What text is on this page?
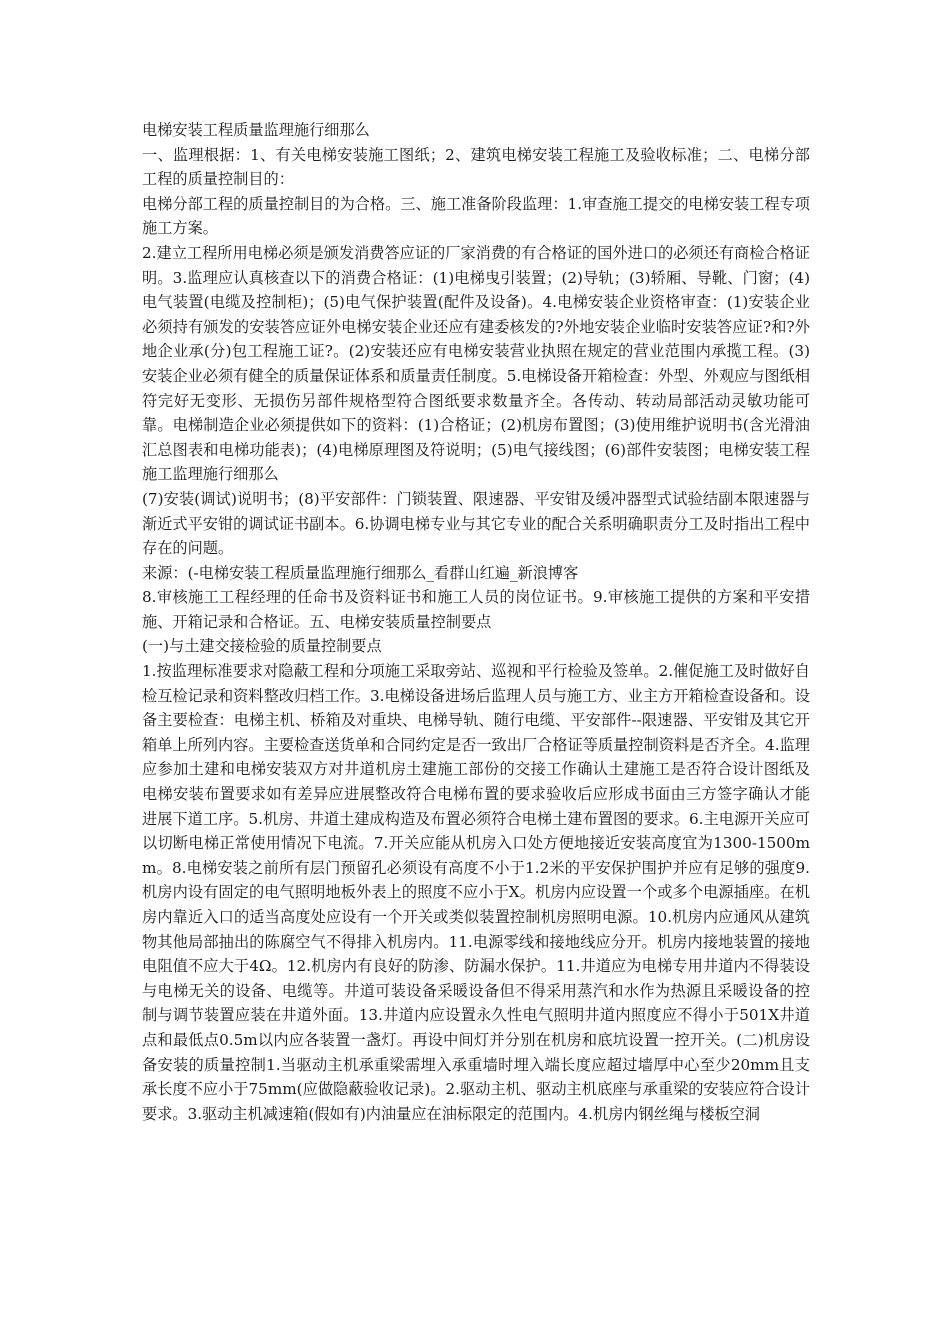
电梯安装工程质量监理施行细那么

一、监理根据：1、有关电梯安装施工图纸；2、建筑电梯安装工程施工及验收标准；二、电梯分部工程的质量控制目的：

电梯分部工程的质量控制目的为合格。三、施工准备阶段监理：1.审查施工提交的电梯安装工程专项施工方案。

2.建立工程所用电梯必须是颁发消费答应证的厂家消费的有合格证的国外进口的必须还有商检合格证明。3.监理应认真核查以下的消费合格证：(1)电梯曳引装置；(2)导轨；(3)轿厢、导靴、门窗；(4)电气装置(电缆及控制柜)；(5)电气保护装置(配件及设备)。4.电梯安装企业资格审查：(1)安装企业必须持有颁发的安装答应证外电梯安装企业还应有建委核发的?外地安装企业临时安装答应证?和?外地企业承(分)包工程施工证?。(2)安装还应有电梯安装营业执照在规定的营业范围内承揽工程。(3)安装企业必须有健全的质量保证体系和质量责任制度。5.电梯设备开箱检查：外型、外观应与图纸相符完好无变形、无损伤另部件规格型符合图纸要求数量齐全。各传动、转动局部活动灵敏功能可靠。电梯制造企业必须提供如下的资料：(1)合格证；(2)机房布置图；(3)使用维护说明书(含光滑油汇总图表和电梯功能表)；(4)电梯原理图及符说明；(5)电气接线图；(6)部件安装图；电梯安装工程施工监理施行细那么

(7)安装(调试)说明书；(8)平安部件：门锁装置、限速器、平安钳及缓冲器型式试验结副本限速器与渐近式平安钳的调试证书副本。6.协调电梯专业与其它专业的配合关系明确职责分工及时指出工程中存在的问题。

来源：(-电梯安装工程质量监理施行细那么_看群山红遍_新浪博客

8.审核施工工程经理的任命书及资料证书和施工人员的岗位证书。9.审核施工提供的方案和平安措施、开箱记录和合格证。五、电梯安装质量控制要点

(一)与土建交接检验的质量控制要点

1.按监理标准要求对隐蔽工程和分项施工采取旁站、巡视和平行检验及签单。2.催促施工及时做好自检互检记录和资料整改归档工作。3.电梯设备进场后监理人员与施工方、业主方开箱检查设备和。设备主要检查：电梯主机、桥箱及对重块、电梯导轨、随行电缆、平安部件--限速器、平安钳及其它开箱单上所列内容。主要检查送货单和合同约定是否一致出厂合格证等质量控制资料是否齐全。4.监理应参加土建和电梯安装双方对井道机房土建施工部份的交接工作确认土建施工是否符合设计图纸及电梯安装布置要求如有差异应进展整改符合电梯布置的要求验收后应形成书面由三方签字确认才能进展下道工序。5.机房、井道土建成构造及布置必须符合电梯土建布置图的要求。6.主电源开关应可以切断电梯正常使用情况下电流。7.开关应能从机房入口处方便地接近安装高度宜为1300-1500mm。8.电梯安装之前所有层门预留孔必须设有高度不小于1.2米的平安保护围护并应有足够的强度9.机房内设有固定的电气照明地板外表上的照度不应小于X。机房内应设置一个或多个电源插座。在机房内靠近入口的适当高度处应设有一个开关或类似装置控制机房照明电源。10.机房内应通风从建筑物其他局部抽出的陈腐空气不得排入机房内。11.电源零线和接地线应分开。机房内接地装置的接地电阻值不应大于4Ω。12.机房内有良好的防渗、防漏水保护。11.井道应为电梯专用井道内不得装设与电梯无关的设备、电缆等。井道可装设备采暖设备但不得采用蒸汽和水作为热源且采暖设备的控制与调节装置应装在井道外面。13.井道内应设置永久性电气照明井道内照度应不得小于501X井道点和最低点0.5m以内应各装置一盏灯。再设中间灯并分别在机房和底坑设置一控开关。(二)机房设备安装的质量控制1.当驱动主机承重梁需埋入承重墙时埋入端长度应超过墙厚中心至少20mm且支承长度不应小于75mm(应做隐蔽验收记录)。2.驱动主机、驱动主机底座与承重梁的安装应符合设计要求。3.驱动主机减速箱(假如有)内油量应在油标限定的范围内。4.机房内钢丝绳与楼板空洞
